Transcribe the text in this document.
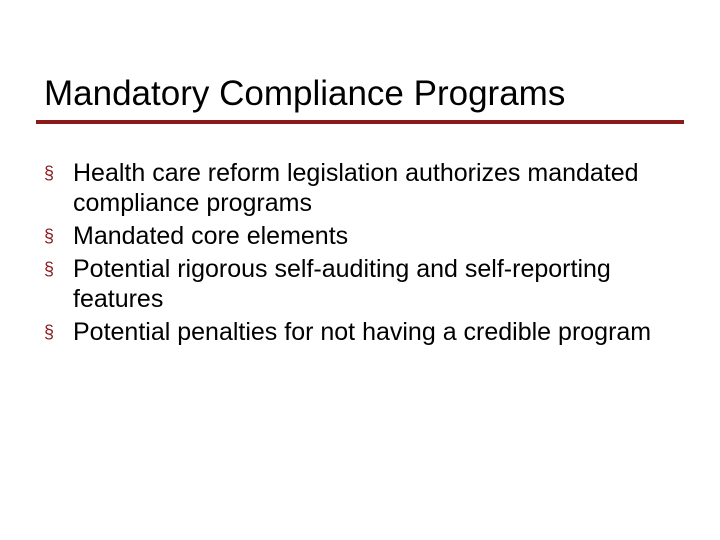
Mandatory Compliance Programs
§ Health care reform legislation authorizes mandated compliance programs
§ Mandated core elements
§ Potential rigorous self-auditing and self-reporting features
§ Potential penalties for not having a credible program
